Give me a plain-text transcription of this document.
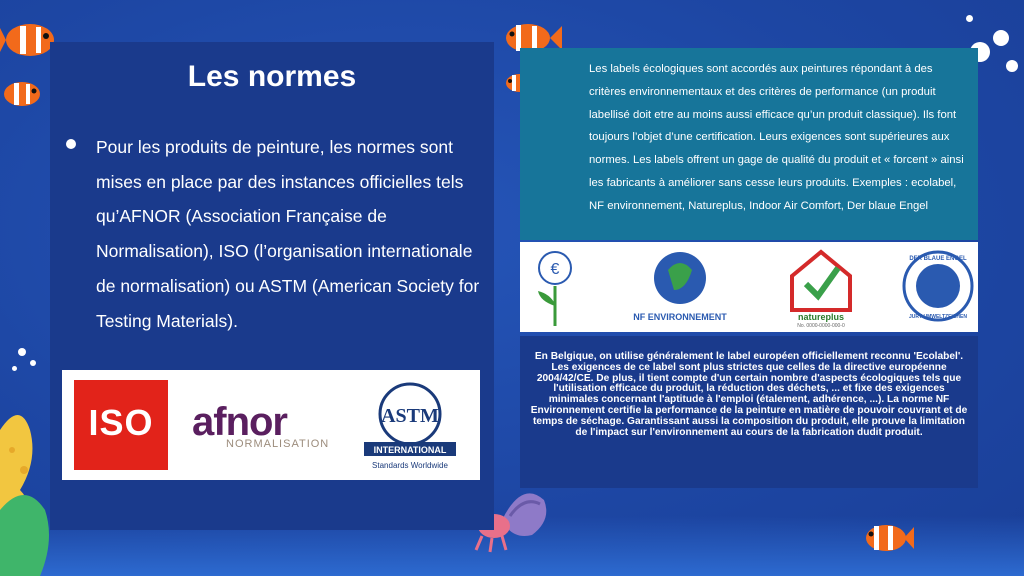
Les normes
Pour les produits de peinture, les normes sont mises en place par des instances officielles tels qu’AFNOR (Association Française de Normalisation), ISO (l’organisation internationale de normalisation) ou ASTM (American Society for Testing Materials).
ISO afnor
NORMALISATION
ASTM
INTERNATIONAL
Standards Worldwide
Les labels écologiques sont accordés aux peintures répondant à des critères environnementaux et des critères de performance (un produit labellisé doit etre au moins aussi efficace qu’un produit classique). Ils font toujours l’objet d’une certification. Leurs exigences sont supérieures aux normes. Les labels offrent un gage de qualité du produit et « forcent » ainsi les fabricants à améliorer sans cesse leurs produits. Exemples : ecolabel, NF environnement, Natureplus, Indoor Air Comfort, Der blaue Engel
€
NF ENVIRONNEMENT	natureplus
No. 0000-0000-000-0
DER BLAUE ENGEL
JURY UMWELTZEICHEN
En Belgique, on utilise généralement le label européen officiellement reconnu 'Ecolabel'. Les exigences de ce label sont plus strictes que celles de la directive européenne 2004/42/CE. De plus, il tient compte d'un certain nombre d'aspects écologiques tels que l'utilisation efficace du produit, la réduction des déchets, ... et fixe des exigences minimales concernant l'aptitude à l'emploi (étalement, adhérence, ...). La norme NF Environnement certifie la performance de la peinture en matière de pouvoir couvrant et de temps de séchage. Garantissant aussi la composition du produit, elle prouve la limitation de l'impact sur l'environnement au cours de la fabrication dudit produit.
